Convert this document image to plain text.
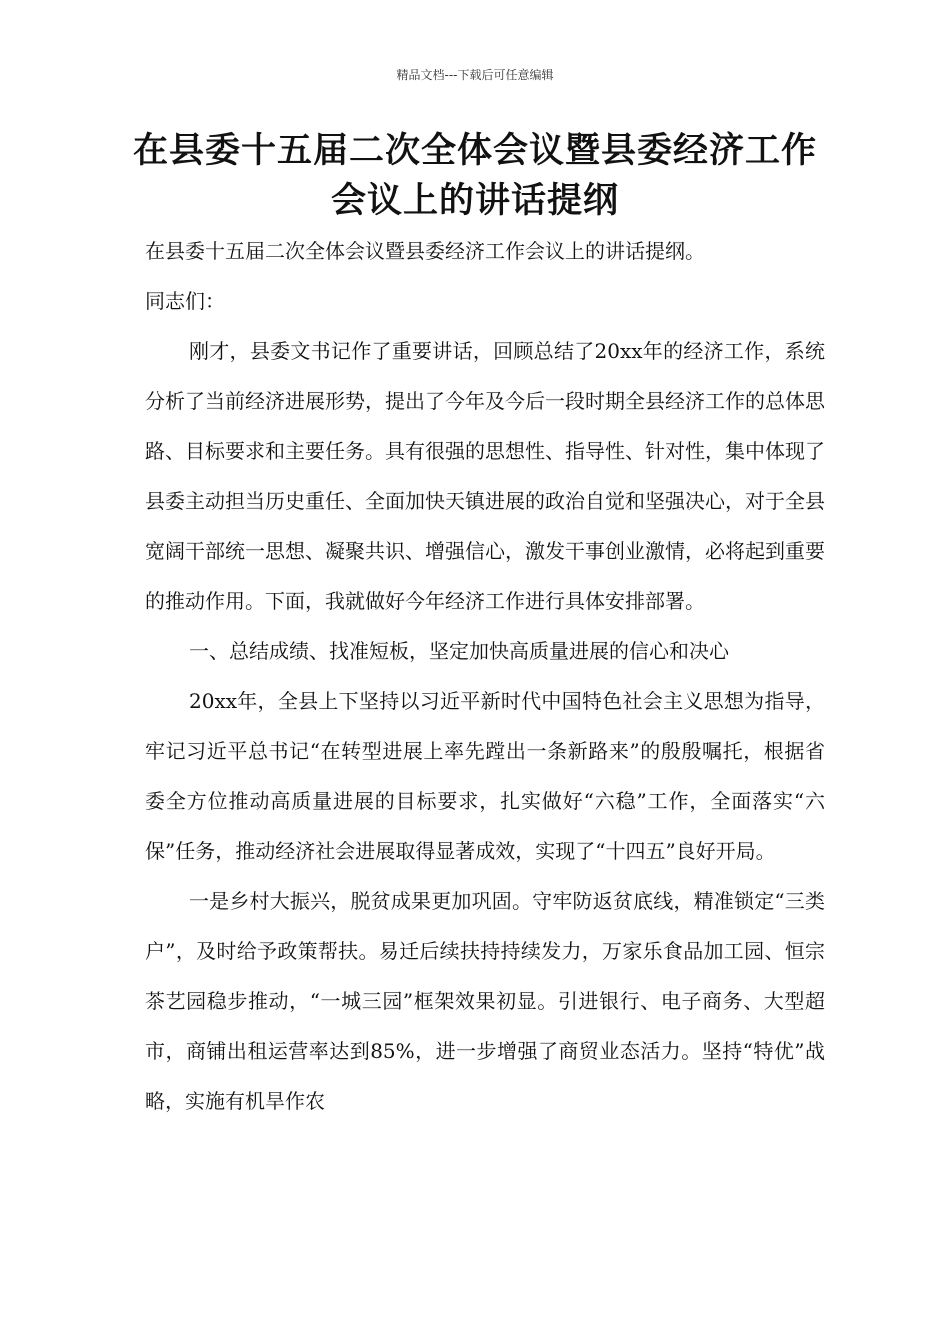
精品文档---下载后可任意编辑
在县委十五届二次全体会议暨县委经济工作会议上的讲话提纲

在县委十五届二次全体会议暨县委经济工作会议上的讲话提纲。

同志们：

刚才，县委文书记作了重要讲话，回顾总结了20xx年的经济工作，系统分析了当前经济进展形势，提出了今年及今后一段时期全县经济工作的总体思路、目标要求和主要任务。具有很强的思想性、指导性、针对性，集中体现了县委主动担当历史重任、全面加快天镇进展的政治自觉和坚强决心，对于全县宽阔干部统一思想、凝聚共识、增强信心，激发干事创业激情，必将起到重要的推动作用。下面，我就做好今年经济工作进行具体安排部署。

一、总结成绩、找准短板，坚定加快高质量进展的信心和决心

20xx年，全县上下坚持以习近平新时代中国特色社会主义思想为指导，牢记习近平总书记“在转型进展上率先蹚出一条新路来”的殷殷嘱托，根据省委全方位推动高质量进展的目标要求，扎实做好“六稳”工作，全面落实“六保”任务，推动经济社会进展取得显著成效，实现了“十四五”良好开局。

一是乡村大振兴，脱贫成果更加巩固。守牢防返贫底线，精准锁定“三类户”，及时给予政策帮扶。易迁后续扶持持续发力，万家乐食品加工园、恒宗茶艺园稳步推动，“一城三园”框架效果初显。引进银行、电子商务、大型超市，商铺出租运营率达到85%，进一步增强了商贸业态活力。坚持“特优”战略，实施有机旱作农
